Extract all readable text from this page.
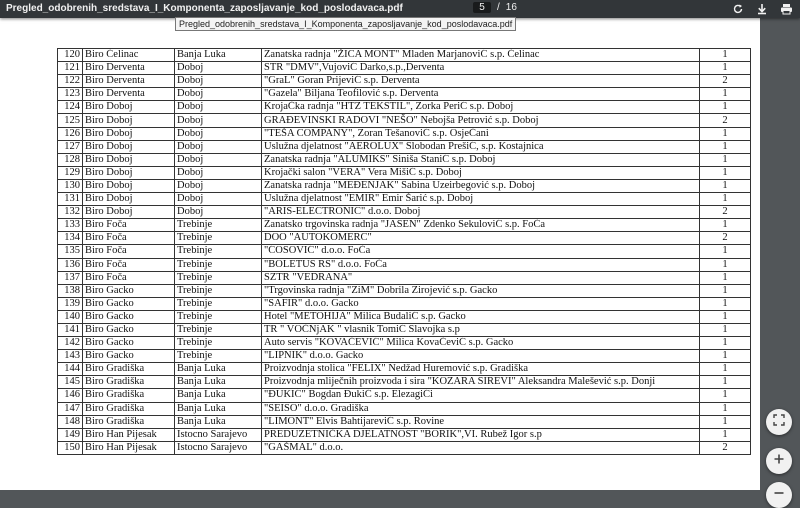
Pregled_odobrenih_sredstava_I_Komponenta_zaposljavanje_kod_poslodavaca.pdf	5	/ 16
Pregled_odobrenih_sredstava_I_Komponenta_zaposljavanje_kod_poslodavaca.pdf
120	Biro Čelinac	Banja Luka	Zanatska radnja "ŽICA MONT" Mladen MarjanoviĆ s.p. Čelinac	1
121	Biro Derventa	Doboj	STR "DMV",VujoviĆ Darko,s.p.,Derventa	1
122	Biro Derventa	Doboj	"GraL" Goran PrijeviĆ s.p. Derventa	2
123	Biro Derventa	Doboj	"Gazela" Biljana Teofilović s.p. Derventa	1
124	Biro Doboj	Doboj	KrojaČka radnja "HTZ TEKSTIL", Zorka PeriĆ s.p. Doboj	1
125	Biro Doboj	Doboj	GRAĐEVINSKI RADOVI "NEŠO" Nebojša Petrović s.p. Doboj	2
126	Biro Doboj	Doboj	"TEŠA COMPANY", Zoran TešanoviĆ s.p. OsjeČani	1
127	Biro Doboj	Doboj	Uslužna djelatnost "AEROLUX" Slobodan PrešiĆ, s.p. Kostajnica	1
128	Biro Doboj	Doboj	Zanatska radnja "ALUMIKS" Siniša StaniĆ s.p. Doboj	1
129	Biro Doboj	Doboj	Krojački salon "VERA" Vera MišiĆ s.p. Doboj	1
130	Biro Doboj	Doboj	Zanatska radnja "MEĐENJAK" Sabina Uzeirbegović s.p. Doboj	1
131	Biro Doboj	Doboj	Uslužna djelatnost "EMIR" Emir Šarić s.p. Doboj	1
132	Biro Doboj	Doboj	"ARIS-ELECTRONIC" d.o.o. Doboj	2
133	Biro Foča	Trebinje	Zanatsko trgovinska radnja "JASEN" Zdenko SekuloviĆ s.p. FoČa	1
134	Biro Foča	Trebinje	DOO "AUTOKOMERC"	2
135	Biro Foča	Trebinje	"ĆOSOVIĆ" d.o.o. FoČa	1
136	Biro Foča	Trebinje	"BOLETUS RS" d.o.o. FoČa	1
137	Biro Foča	Trebinje	SZTR "VEDRANA"	1
138	Biro Gacko	Trebinje	"Trgovinska radnja "ZiM" Dobrila Zirojević s.p. Gacko	1
139	Biro Gacko	Trebinje	"SAFIR" d.o.o. Gacko	1
140	Biro Gacko	Trebinje	Hotel "METOHIJA" Milica BudaliĆ s.p. Gacko	1
141	Biro Gacko	Trebinje	TR " VOČNjAK " vlasnik TomiĆ Slavojka s.p	1
142	Biro Gacko	Trebinje	Auto servis "KOVAČEVIĆ" Milica KovaČeviĆ s.p. Gacko	1
143	Biro Gacko	Trebinje	"LIPNIK" d.o.o. Gacko	1
144	Biro Gradiška	Banja Luka	Proizvodnja stolica "FELIX" Nedžad Huremović s.p. Gradiška	1
145	Biro Gradiška	Banja Luka	Proizvodnja mliječnih proizvoda i sira "KOZARA SIREVI" Aleksandra Malešević s.p. Donji	1
146	Biro Gradiška	Banja Luka	"ĐUKIĆ" Bogdan ĐukiĆ s.p. ElezagiĆi	1
147	Biro Gradiška	Banja Luka	"SEISO" d.o.o. Gradiška	1
148	Biro Gradiška	Banja Luka	"LIMONT" Elvis BahtijareviĆ s.p. Rovine	1
149	Biro Han Pijesak	Istocno Sarajevo	PREDUZETNIČKA DJELATNOST "BORIK",VI. Rubež Igor s.p	1
150	Biro Han Pijesak	Istocno Sarajevo	"GAŠMAL" d.o.o.	2
